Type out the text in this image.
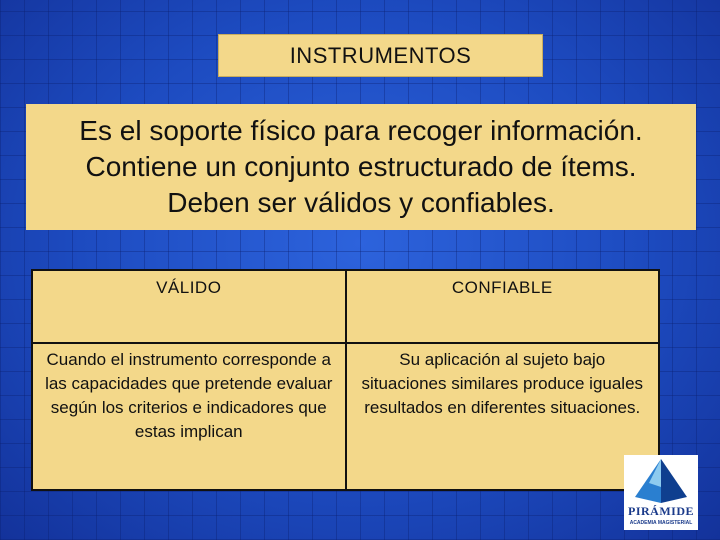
INSTRUMENTOS
Es el soporte físico para recoger información.
Contiene un conjunto estructurado de ítems.
Deben ser válidos y confiables.
VÁLIDO	CONFIABLE
Cuando el instrumento corresponde a las capacidades que pretende evaluar según los criterios e indicadores que estas implican	Su aplicación al sujeto bajo situaciones similares produce iguales resultados en diferentes situaciones.
PIRÁMIDE
ACADEMIA MAGISTERIAL
